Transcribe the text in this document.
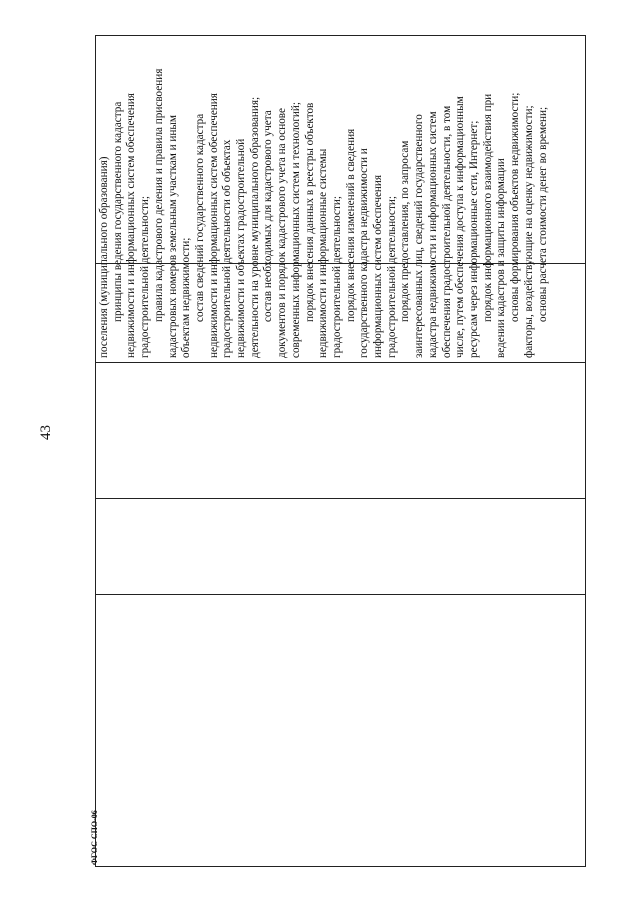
43
поселения (муниципального образования) принципы ведения государственного кадастра недвижимости и информационных систем обеспечения градостроительной деятельности; правила кадастрового деления и правила присвоения кадастровых номеров земельным участкам и иным объектам недвижимости; состав сведений государственного кадастра недвижимости и информационных систем обеспечения градостроительной деятельности об объектах недвижимости и объектах градостроительной деятельности на уровне муниципального образования; состав необходимых для кадастрового учета документов и порядок кадастрового учета на основе современных информационных систем и технологий; порядок внесения данных в реестры объектов недвижимости и информационные системы градостроительной деятельности; порядок внесения изменений в сведения государственного кадастра недвижимости и информационных систем обеспечения градостроительной деятельности; порядок предоставления, по запросам заинтересованных лиц, сведений государственного кадастра недвижимости и информационных систем обеспечения градостроительной деятельности, в том числе, путем обеспечения доступа к информационным ресурсам через информационные сети, Интернет; порядок информационного взаимодействия при ведении кадастров и защиты информации основы формирования объектов недвижимости; факторы, воздействующие на оценку недвижимости; основы расчета стоимости денег во времени;
ФГОС СПО-06
